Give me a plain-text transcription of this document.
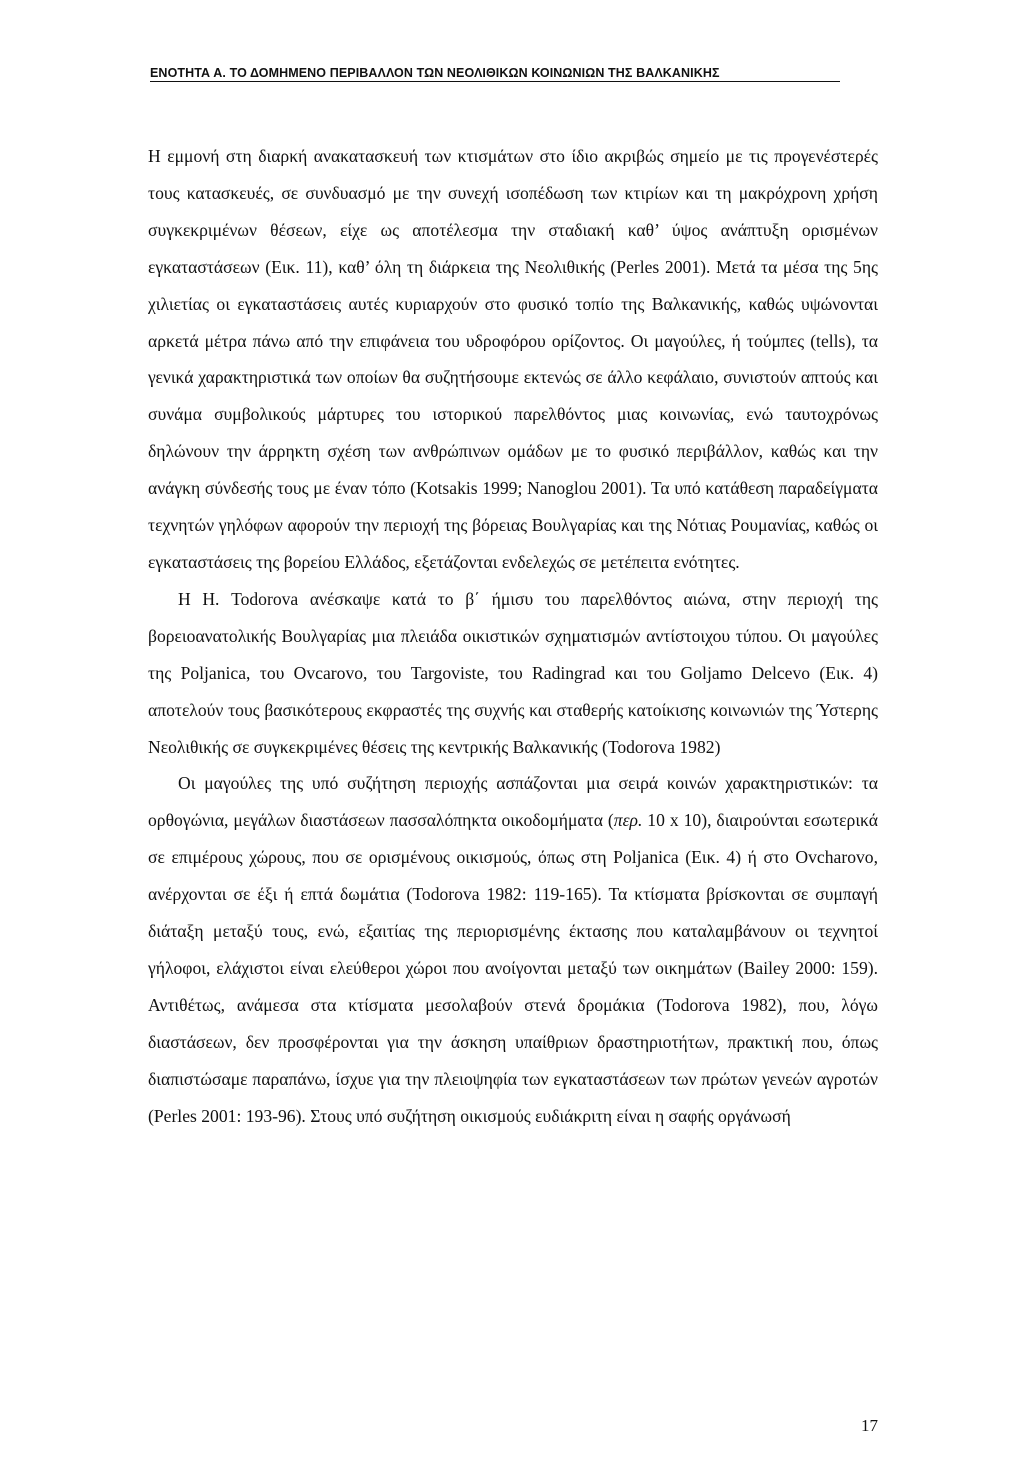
ΕΝΟΤΗΤΑ Α. ΤΟ ΔΟΜΗΜΕΝΟ ΠΕΡΙΒΑΛΛΟΝ ΤΩΝ ΝΕΟΛΙΘΙΚΩΝ ΚΟΙΝΩΝΙΩΝ ΤΗΣ ΒΑΛΚΑΝΙΚΗΣ

Η εμμονή στη διαρκή ανακατασκευή των κτισμάτων στο ίδιο ακριβώς σημείο με τις προγενέστερές τους κατασκευές, σε συνδυασμό με την συνεχή ισοπέδωση των κτιρίων και τη μακρόχρονη χρήση συγκεκριμένων θέσεων, είχε ως αποτέλεσμα την σταδιακή καθ’ ύψος ανάπτυξη ορισμένων εγκαταστάσεων (Εικ. 11), καθ’ όλη τη διάρκεια της Νεολιθικής (Perles 2001). Μετά τα μέσα της 5ης χιλιετίας οι εγκαταστάσεις αυτές κυριαρχούν στο φυσικό τοπίο της Βαλκανικής, καθώς υψώνονται αρκετά μέτρα πάνω από την επιφάνεια του υδροφόρου ορίζοντος. Οι μαγούλες, ή τούμπες (tells), τα γενικά χαρακτηριστικά των οποίων θα συζητήσουμε εκτενώς σε άλλο κεφάλαιο, συνιστούν απτούς και συνάμα συμβολικούς μάρτυρες του ιστορικού παρελθόντος μιας κοινωνίας, ενώ ταυτοχρόνως δηλώνουν την άρρηκτη σχέση των ανθρώπινων ομάδων με το φυσικό περιβάλλον, καθώς και την ανάγκη σύνδεσής τους με έναν τόπο (Kotsakis 1999; Nanoglou 2001). Τα υπό κατάθεση παραδείγματα τεχνητών γηλόφων αφορούν την περιοχή της βόρειας Βουλγαρίας και της Νότιας Ρουμανίας, καθώς οι εγκαταστάσεις της βορείου Ελλάδος, εξετάζονται ενδελεχώς σε μετέπειτα ενότητες.

Η Η. Todorova ανέσκαψε κατά το β΄ ήμισυ του παρελθόντος αιώνα, στην περιοχή της βορειοανατολικής Βουλγαρίας μια πλειάδα οικιστικών σχηματισμών αντίστοιχου τύπου. Οι μαγούλες της Poljanica, του Ovcarovo, του Targoviste, του Radingrad και του Goljamo Delcevo (Εικ. 4) αποτελούν τους βασικότερους εκφραστές της συχνής και σταθερής κατοίκισης κοινωνιών της Ύστερης Νεολιθικής σε συγκεκριμένες θέσεις της κεντρικής Βαλκανικής (Todorova 1982)

Οι μαγούλες της υπό συζήτηση περιοχής ασπάζονται μια σειρά κοινών χαρακτηριστικών: τα ορθογώνια, μεγάλων διαστάσεων πασσαλόπηκτα οικοδομήματα (περ. 10 x 10), διαιρούνται εσωτερικά σε επιμέρους χώρους, που σε ορισμένους οικισμούς, όπως στη Poljanica (Εικ. 4) ή στο Ovcharovo, ανέρχονται σε έξι ή επτά δωμάτια (Todorova 1982: 119-165). Τα κτίσματα βρίσκονται σε συμπαγή διάταξη μεταξύ τους, ενώ, εξαιτίας της περιορισμένης έκτασης που καταλαμβάνουν οι τεχνητοί γήλοφοι, ελάχιστοι είναι ελεύθεροι χώροι που ανοίγονται μεταξύ των οικημάτων (Bailey 2000: 159). Αντιθέτως, ανάμεσα στα κτίσματα μεσολαβούν στενά δρομάκια (Todorova 1982), που, λόγω διαστάσεων, δεν προσφέρονται για την άσκηση υπαίθριων δραστηριοτήτων, πρακτική που, όπως διαπιστώσαμε παραπάνω, ίσχυε για την πλειοψηφία των εγκαταστάσεων των πρώτων γενεών αγροτών (Perles 2001: 193-96). Στους υπό συζήτηση οικισμούς ευδιάκριτη είναι η σαφής οργάνωσή

17
